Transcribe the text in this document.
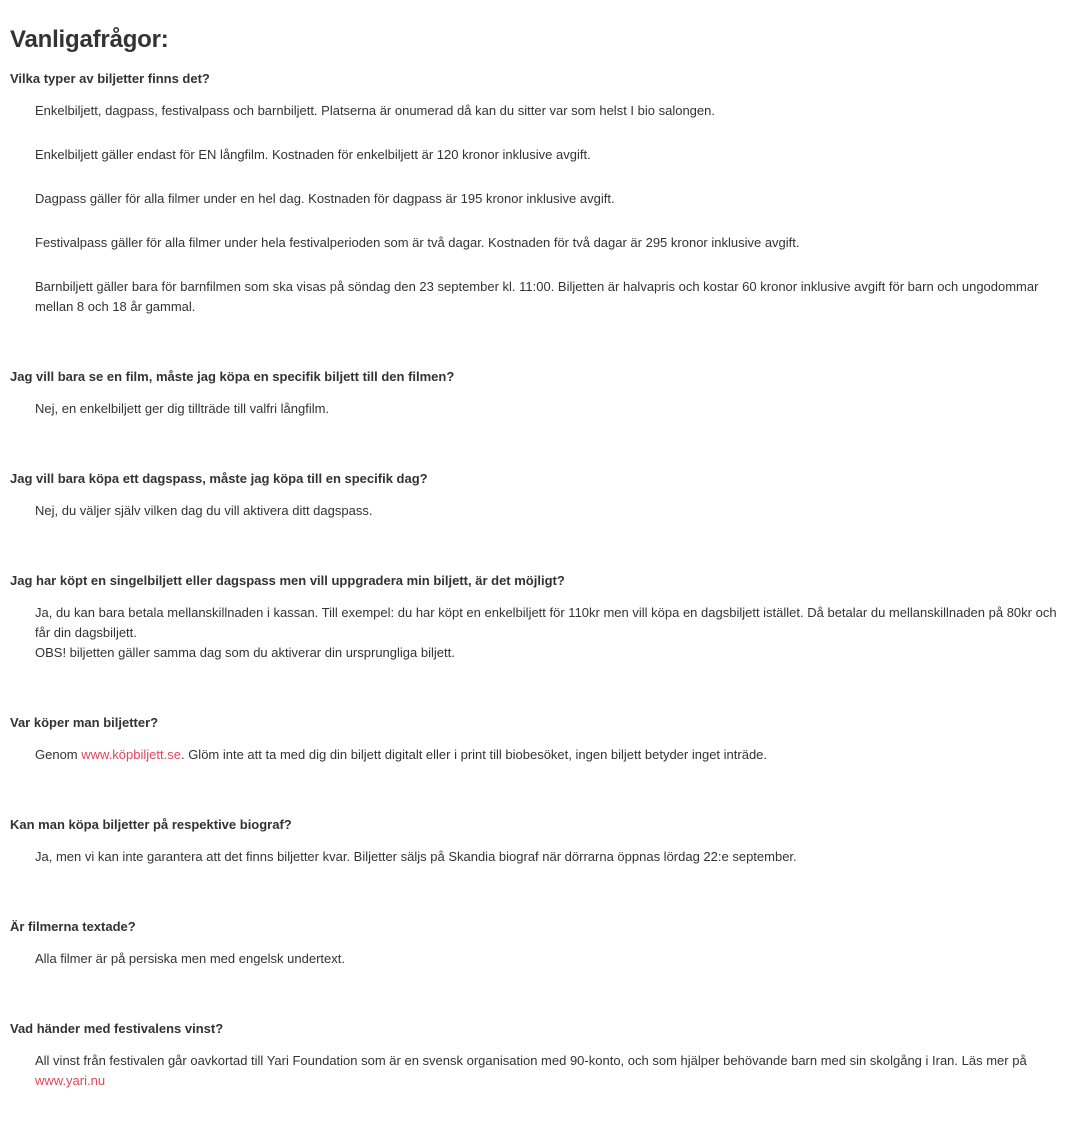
Vanligafrågor:

Vilka typer av biljetter finns det?

Enkelbiljett, dagpass, festivalpass och barnbiljett. Platserna är onumerad då kan du sitter var som helst I bio salongen.

Enkelbiljett gäller endast för EN långfilm. Kostnaden för enkelbiljett är 120 kronor inklusive avgift.

Dagpass gäller för alla filmer under en hel dag. Kostnaden för dagpass är 195 kronor inklusive avgift.

Festivalpass gäller för alla filmer under hela festivalperioden som är två dagar. Kostnaden för två dagar är 295 kronor inklusive avgift.

Barnbiljett gäller bara för barnfilmen som ska visas på söndag den 23 september kl. 11:00. Biljetten är halvapris och kostar 60 kronor inklusive avgift för barn och ungodommar mellan 8 och 18 år gammal.

Jag vill bara se en film, måste jag köpa en specifik biljett till den filmen?

Nej, en enkelbiljett ger dig tillträde till valfri långfilm.

Jag vill bara köpa ett dagspass, måste jag köpa till en specifik dag?

Nej, du väljer själv vilken dag du vill aktivera ditt dagspass.

Jag har köpt en singelbiljett eller dagspass men vill uppgradera min biljett, är det möjligt?

Ja, du kan bara betala mellanskillnaden i kassan. Till exempel: du har köpt en enkelbiljett för 110kr men vill köpa en dagsbiljett istället. Då betalar du mellanskillnaden på 80kr och får din dagsbiljett.

OBS! biljetten gäller samma dag som du aktiverar din ursprungliga biljett.

Var köper man biljetter?

Genom www.köpbiljett.se. Glöm inte att ta med dig din biljett digitalt eller i print till biobesöket, ingen biljett betyder inget inträde.

Kan man köpa biljetter på respektive biograf?

Ja, men vi kan inte garantera att det finns biljetter kvar. Biljetter säljs på Skandia biograf när dörrarna öppnas lördag 22:e september.

Är filmerna textade?

Alla filmer är på persiska men med engelsk undertext.

Vad händer med festivalens vinst?

All vinst från festivalen går oavkortad till Yari Foundation som är en svensk organisation med 90-konto, och som hjälper behövande barn med sin skolgång i Iran. Läs mer på www.yari.nu
